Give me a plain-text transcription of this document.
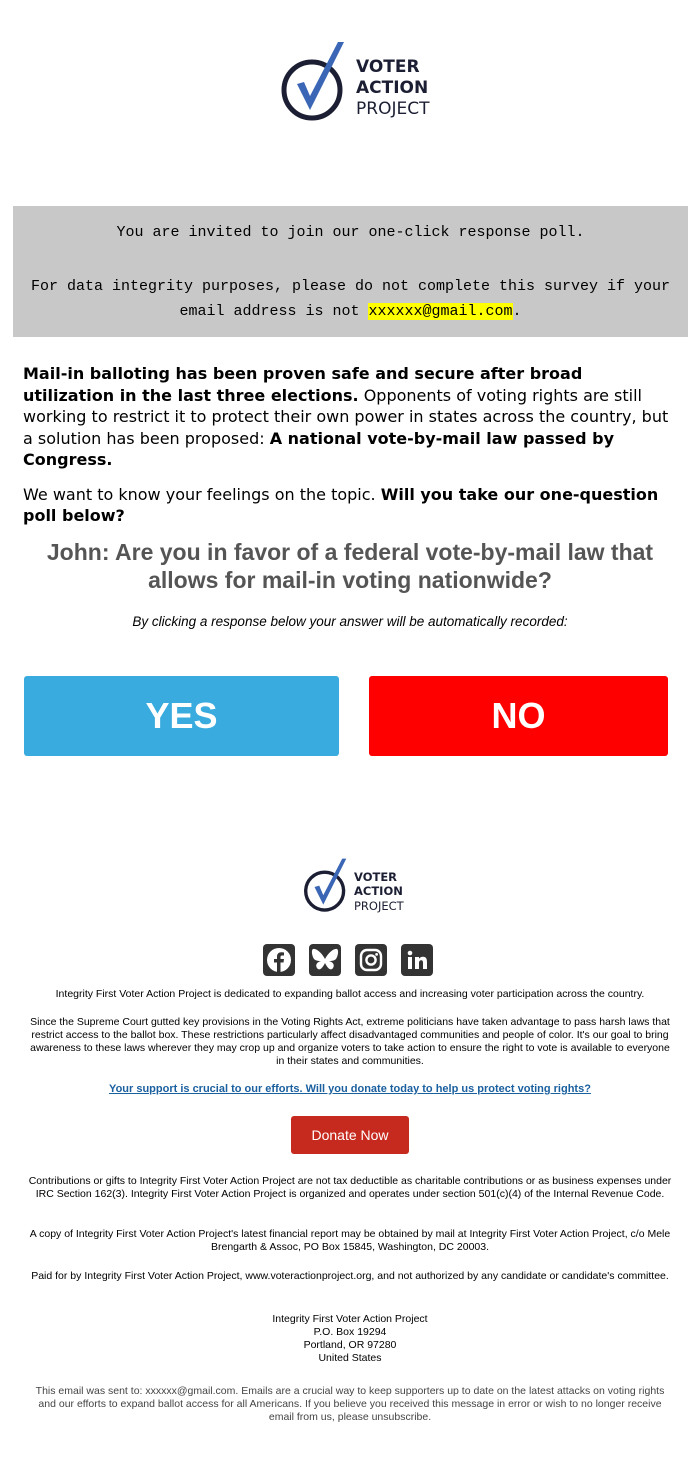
VOTER
ACTION
PROJECT
You are invited to join our one-click response poll.
For data integrity purposes, please do not complete this survey if your email address is not xxxxxx@gmail.com.

Mail-in balloting has been proven safe and secure after broad utilization in the last three elections. Opponents of voting rights are still working to restrict it to protect their own power in states across the country, but a solution has been proposed: A national vote-by-mail law passed by Congress.

We want to know your feelings on the topic. Will you take our one-question poll below?

John: Are you in favor of a federal vote-by-mail law that allows for mail-in voting nationwide?
By clicking a response below your answer will be automatically recorded:
YES	NO
VOTER
ACTION
PROJECT
Integrity First Voter Action Project is dedicated to expanding ballot access and increasing voter participation across the country.
Since the Supreme Court gutted key provisions in the Voting Rights Act, extreme politicians have taken advantage to pass harsh laws that restrict access to the ballot box. These restrictions particularly affect disadvantaged communities and people of color. It's our goal to bring awareness to these laws wherever they may crop up and organize voters to take action to ensure the right to vote is available to everyone in their states and communities.
Your support is crucial to our efforts. Will you donate today to help us protect voting rights?
Donate Now
Contributions or gifts to Integrity First Voter Action Project are not tax deductible as charitable contributions or as business expenses under IRC Section 162(3). Integrity First Voter Action Project is organized and operates under section 501(c)(4) of the Internal Revenue Code.
A copy of Integrity First Voter Action Project's latest financial report may be obtained by mail at Integrity First Voter Action Project, c/o Mele Brengarth & Assoc, PO Box 15845, Washington, DC 20003.
Paid for by Integrity First Voter Action Project, www.voteractionproject.org, and not authorized by any candidate or candidate's committee.
Integrity First Voter Action Project
P.O. Box 19294
Portland, OR 97280
United States
This email was sent to: xxxxxx@gmail.com. Emails are a crucial way to keep supporters up to date on the latest attacks on voting rights and our efforts to expand ballot access for all Americans. If you believe you received this message in error or wish to no longer receive email from us, please unsubscribe.
